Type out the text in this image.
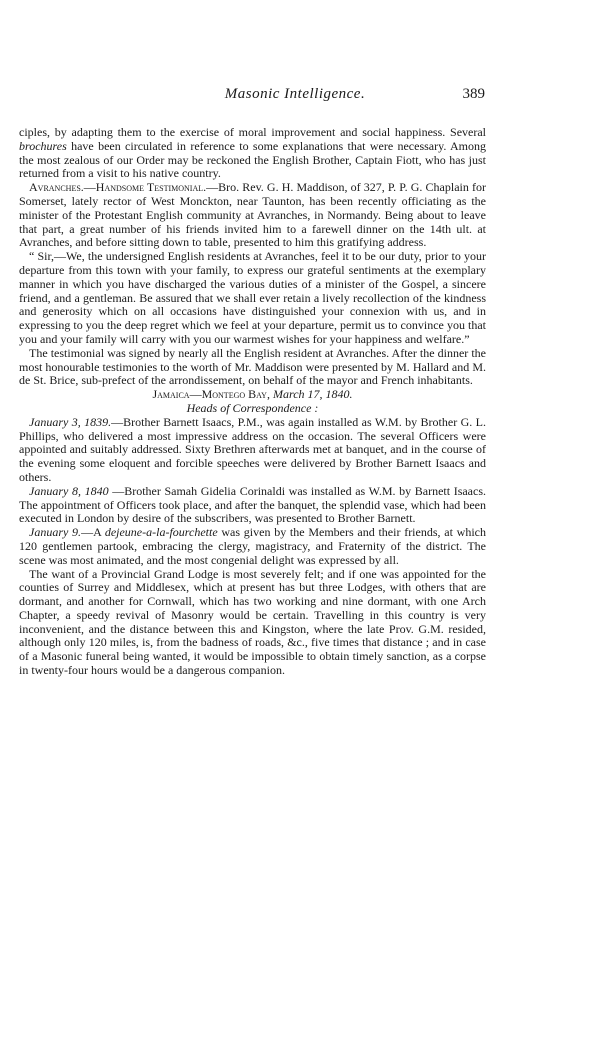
Masonic Intelligence.	389

ciples, by adapting them to the exercise of moral improvement and social happiness. Several brochures have been circulated in reference to some explanations that were necessary. Among the most zealous of our Order may be reckoned the English Brother, Captain Fiott, who has just returned from a visit to his native country.

Avranches.—Handsome Testimonial.—Bro. Rev. G. H. Maddison, of 327, P. P. G. Chaplain for Somerset, lately rector of West Monckton, near Taunton, has been recently officiating as the minister of the Protestant English community at Avranches, in Normandy. Being about to leave that part, a great number of his friends invited him to a farewell dinner on the 14th ult. at Avranches, and before sitting down to table, presented to him this gratifying address.

“ Sir,—We, the undersigned English residents at Avranches, feel it to be our duty, prior to your departure from this town with your family, to express our grateful sentiments at the exemplary manner in which you have discharged the various duties of a minister of the Gospel, a sincere friend, and a gentleman. Be assured that we shall ever retain a lively recollection of the kindness and generosity which on all occasions have distinguished your connexion with us, and in expressing to you the deep regret which we feel at your departure, permit us to convince you that you and your family will carry with you our warmest wishes for your happiness and welfare.”

The testimonial was signed by nearly all the English resident at Avranches. After the dinner the most honourable testimonies to the worth of Mr. Maddison were presented by M. Hallard and M. de St. Brice, sub-prefect of the arrondissement, on behalf of the mayor and French inhabitants.

Jamaica—Montego Bay, March 17, 1840.

Heads of Correspondence :

January 3, 1839.—Brother Barnett Isaacs, P.M., was again installed as W.M. by Brother G. L. Phillips, who delivered a most impressive address on the occasion. The several Officers were appointed and suitably addressed. Sixty Brethren afterwards met at banquet, and in the course of the evening some eloquent and forcible speeches were delivered by Brother Barnett Isaacs and others.

January 8, 1840 —Brother Samah Gidelia Corinaldi was installed as W.M. by Barnett Isaacs. The appointment of Officers took place, and after the banquet, the splendid vase, which had been executed in London by desire of the subscribers, was presented to Brother Barnett.

January 9.—A dejeune-a-la-fourchette was given by the Members and their friends, at which 120 gentlemen partook, embracing the clergy, magistracy, and Fraternity of the district. The scene was most animated, and the most congenial delight was expressed by all.

The want of a Provincial Grand Lodge is most severely felt; and if one was appointed for the counties of Surrey and Middlesex, which at present has but three Lodges, with others that are dormant, and another for Cornwall, which has two working and nine dormant, with one Arch Chapter, a speedy revival of Masonry would be certain. Travelling in this country is very inconvenient, and the distance between this and Kingston, where the late Prov. G.M. resided, although only 120 miles, is, from the badness of roads, &c., five times that distance ; and in case of a Masonic funeral being wanted, it would be impossible to obtain timely sanction, as a corpse in twenty-four hours would be a dangerous companion.
